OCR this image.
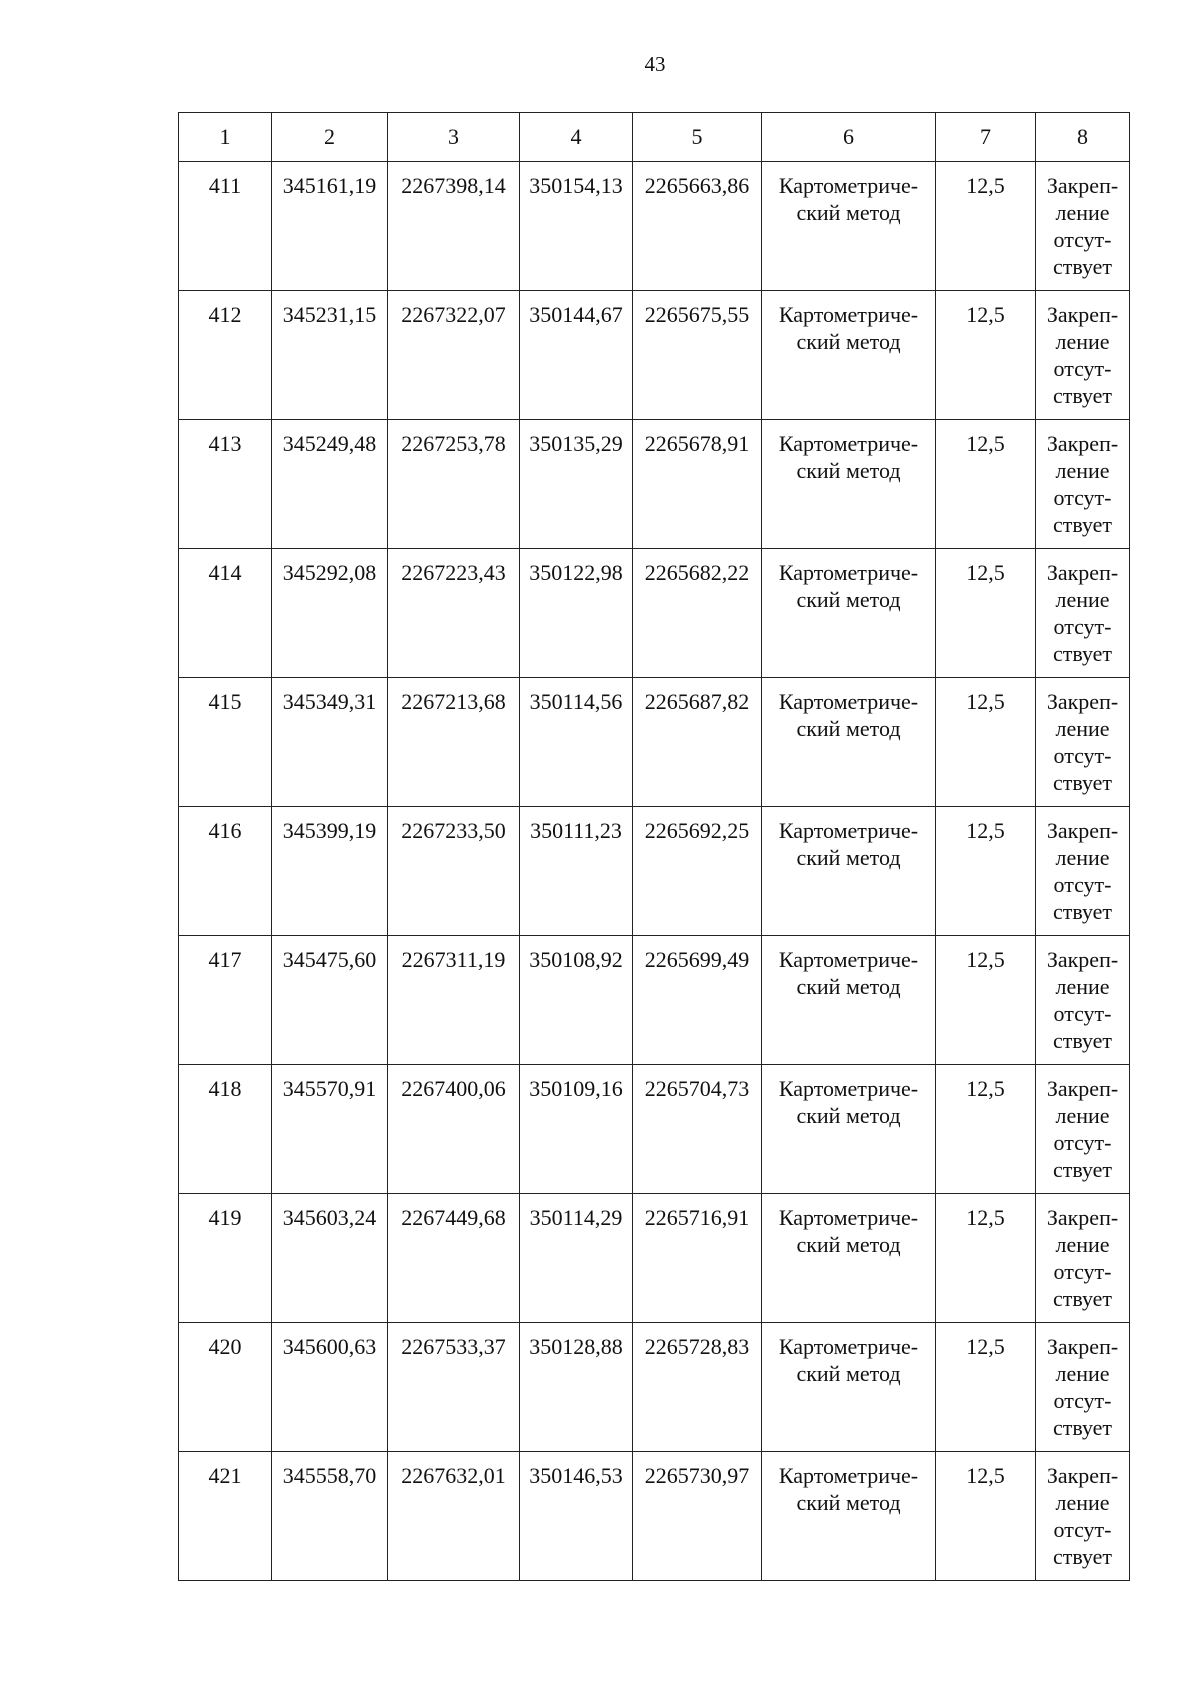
43
1	2	3	4	5	6	7	8
411	345161,19	2267398,14	350154,13	2265663,86	Картометриче-
ский метод	12,5	Закреп-
ление
отсут-
ствует
412	345231,15	2267322,07	350144,67	2265675,55	Картометриче-
ский метод	12,5	Закреп-
ление
отсут-
ствует
413	345249,48	2267253,78	350135,29	2265678,91	Картометриче-
ский метод	12,5	Закреп-
ление
отсут-
ствует
414	345292,08	2267223,43	350122,98	2265682,22	Картометриче-
ский метод	12,5	Закреп-
ление
отсут-
ствует
415	345349,31	2267213,68	350114,56	2265687,82	Картометриче-
ский метод	12,5	Закреп-
ление
отсут-
ствует
416	345399,19	2267233,50	350111,23	2265692,25	Картометриче-
ский метод	12,5	Закреп-
ление
отсут-
ствует
417	345475,60	2267311,19	350108,92	2265699,49	Картометриче-
ский метод	12,5	Закреп-
ление
отсут-
ствует
418	345570,91	2267400,06	350109,16	2265704,73	Картометриче-
ский метод	12,5	Закреп-
ление
отсут-
ствует
419	345603,24	2267449,68	350114,29	2265716,91	Картометриче-
ский метод	12,5	Закреп-
ление
отсут-
ствует
420	345600,63	2267533,37	350128,88	2265728,83	Картометриче-
ский метод	12,5	Закреп-
ление
отсут-
ствует
421	345558,70	2267632,01	350146,53	2265730,97	Картометриче-
ский метод	12,5	Закреп-
ление
отсут-
ствует
